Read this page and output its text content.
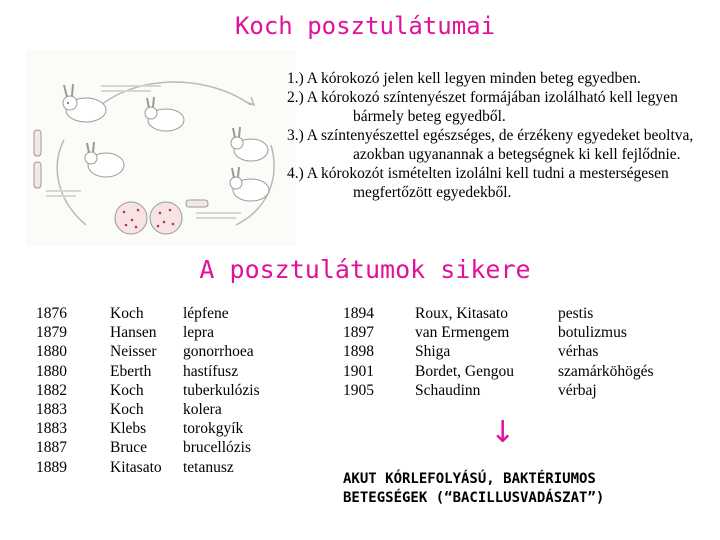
Koch posztulátumai

1.) A kórokozó jelen kell legyen minden beteg egyedben.

2.) A kórokozó színtenyészet formájában izolálható kell legyen bármely beteg egyedből.

3.) A színtenyészettel egészséges, de érzékeny egyedeket beoltva, azokban ugyanannak a betegségnek ki kell fejlődnie.

4.) A kórokozót ismételten izolálni kell tudni a mesterségesen megfertőzött egyedekből.

A posztulátumok sikere
1876
1879
1880
1880
1882
1883
1883
1887
1889
Koch
Hansen
Neisser
Eberth
Koch
Koch
Klebs
Bruce
Kitasato
lépfene
lepra
gonorrhoea
hastífusz
tuberkulózis
kolera
torokgyík
brucellózis
tetanusz
1894
1897
1898
1901
1905
Roux, Kitasato
van Ermengem
Shiga
Bordet, Gengou
Schaudinn
pestis
botulizmus
vérhas
szamárköhögés
vérbaj
↓
AKUT KÓRLEFOLYÁSÚ, BAKTÉRIUMOS
BETEGSÉGEK (“BACILLUSVADÁSZAT”)
